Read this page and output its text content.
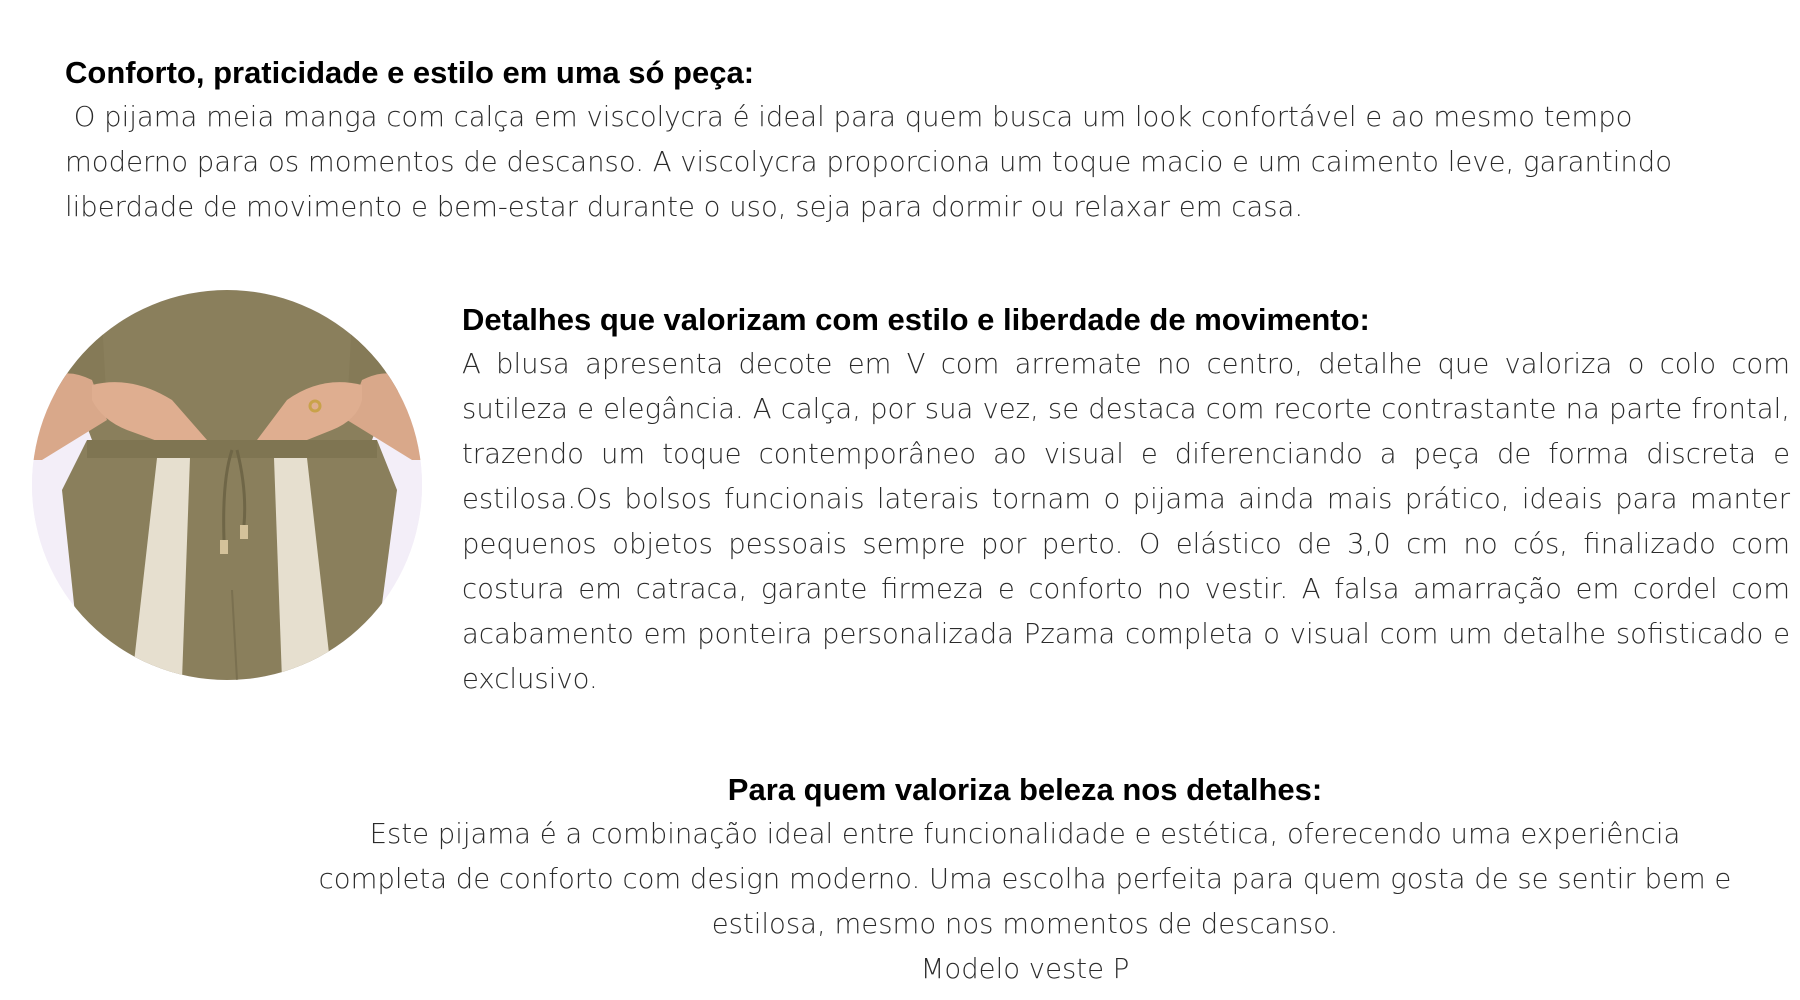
Conforto, praticidade e estilo em uma só peça:

O pijama meia manga com calça em viscolycra é ideal para quem busca um look confortável e ao mesmo tempo

moderno para os momentos de descanso. A viscolycra proporciona um toque macio e um caimento leve, garantindo

liberdade de movimento e bem-estar durante o uso, seja para dormir ou relaxar em casa.

Detalhes que valorizam com estilo e liberdade de movimento:

A blusa apresenta decote em V com arremate no centro, detalhe que valoriza o colo com sutileza e elegância. A calça, por sua vez, se destaca com recorte contrastante na parte frontal, trazendo um toque contemporâneo ao visual e diferenciando a peça de forma discreta e estilosa.Os bolsos funcionais laterais tornam o pijama ainda mais prático, ideais para manter pequenos objetos pessoais sempre por perto. O elástico de 3,0 cm no cós, finalizado com costura em catraca, garante firmeza e conforto no vestir. A falsa amarração em cordel com acabamento em ponteira personalizada Pzama completa o visual com um detalhe sofisticado e exclusivo.

Para quem valoriza beleza nos detalhes:

Este pijama é a combinação ideal entre funcionalidade e estética, oferecendo uma experiência

completa de conforto com design moderno. Uma escolha perfeita para quem gosta de se sentir bem e

estilosa, mesmo nos momentos de descanso.

Modelo veste P
